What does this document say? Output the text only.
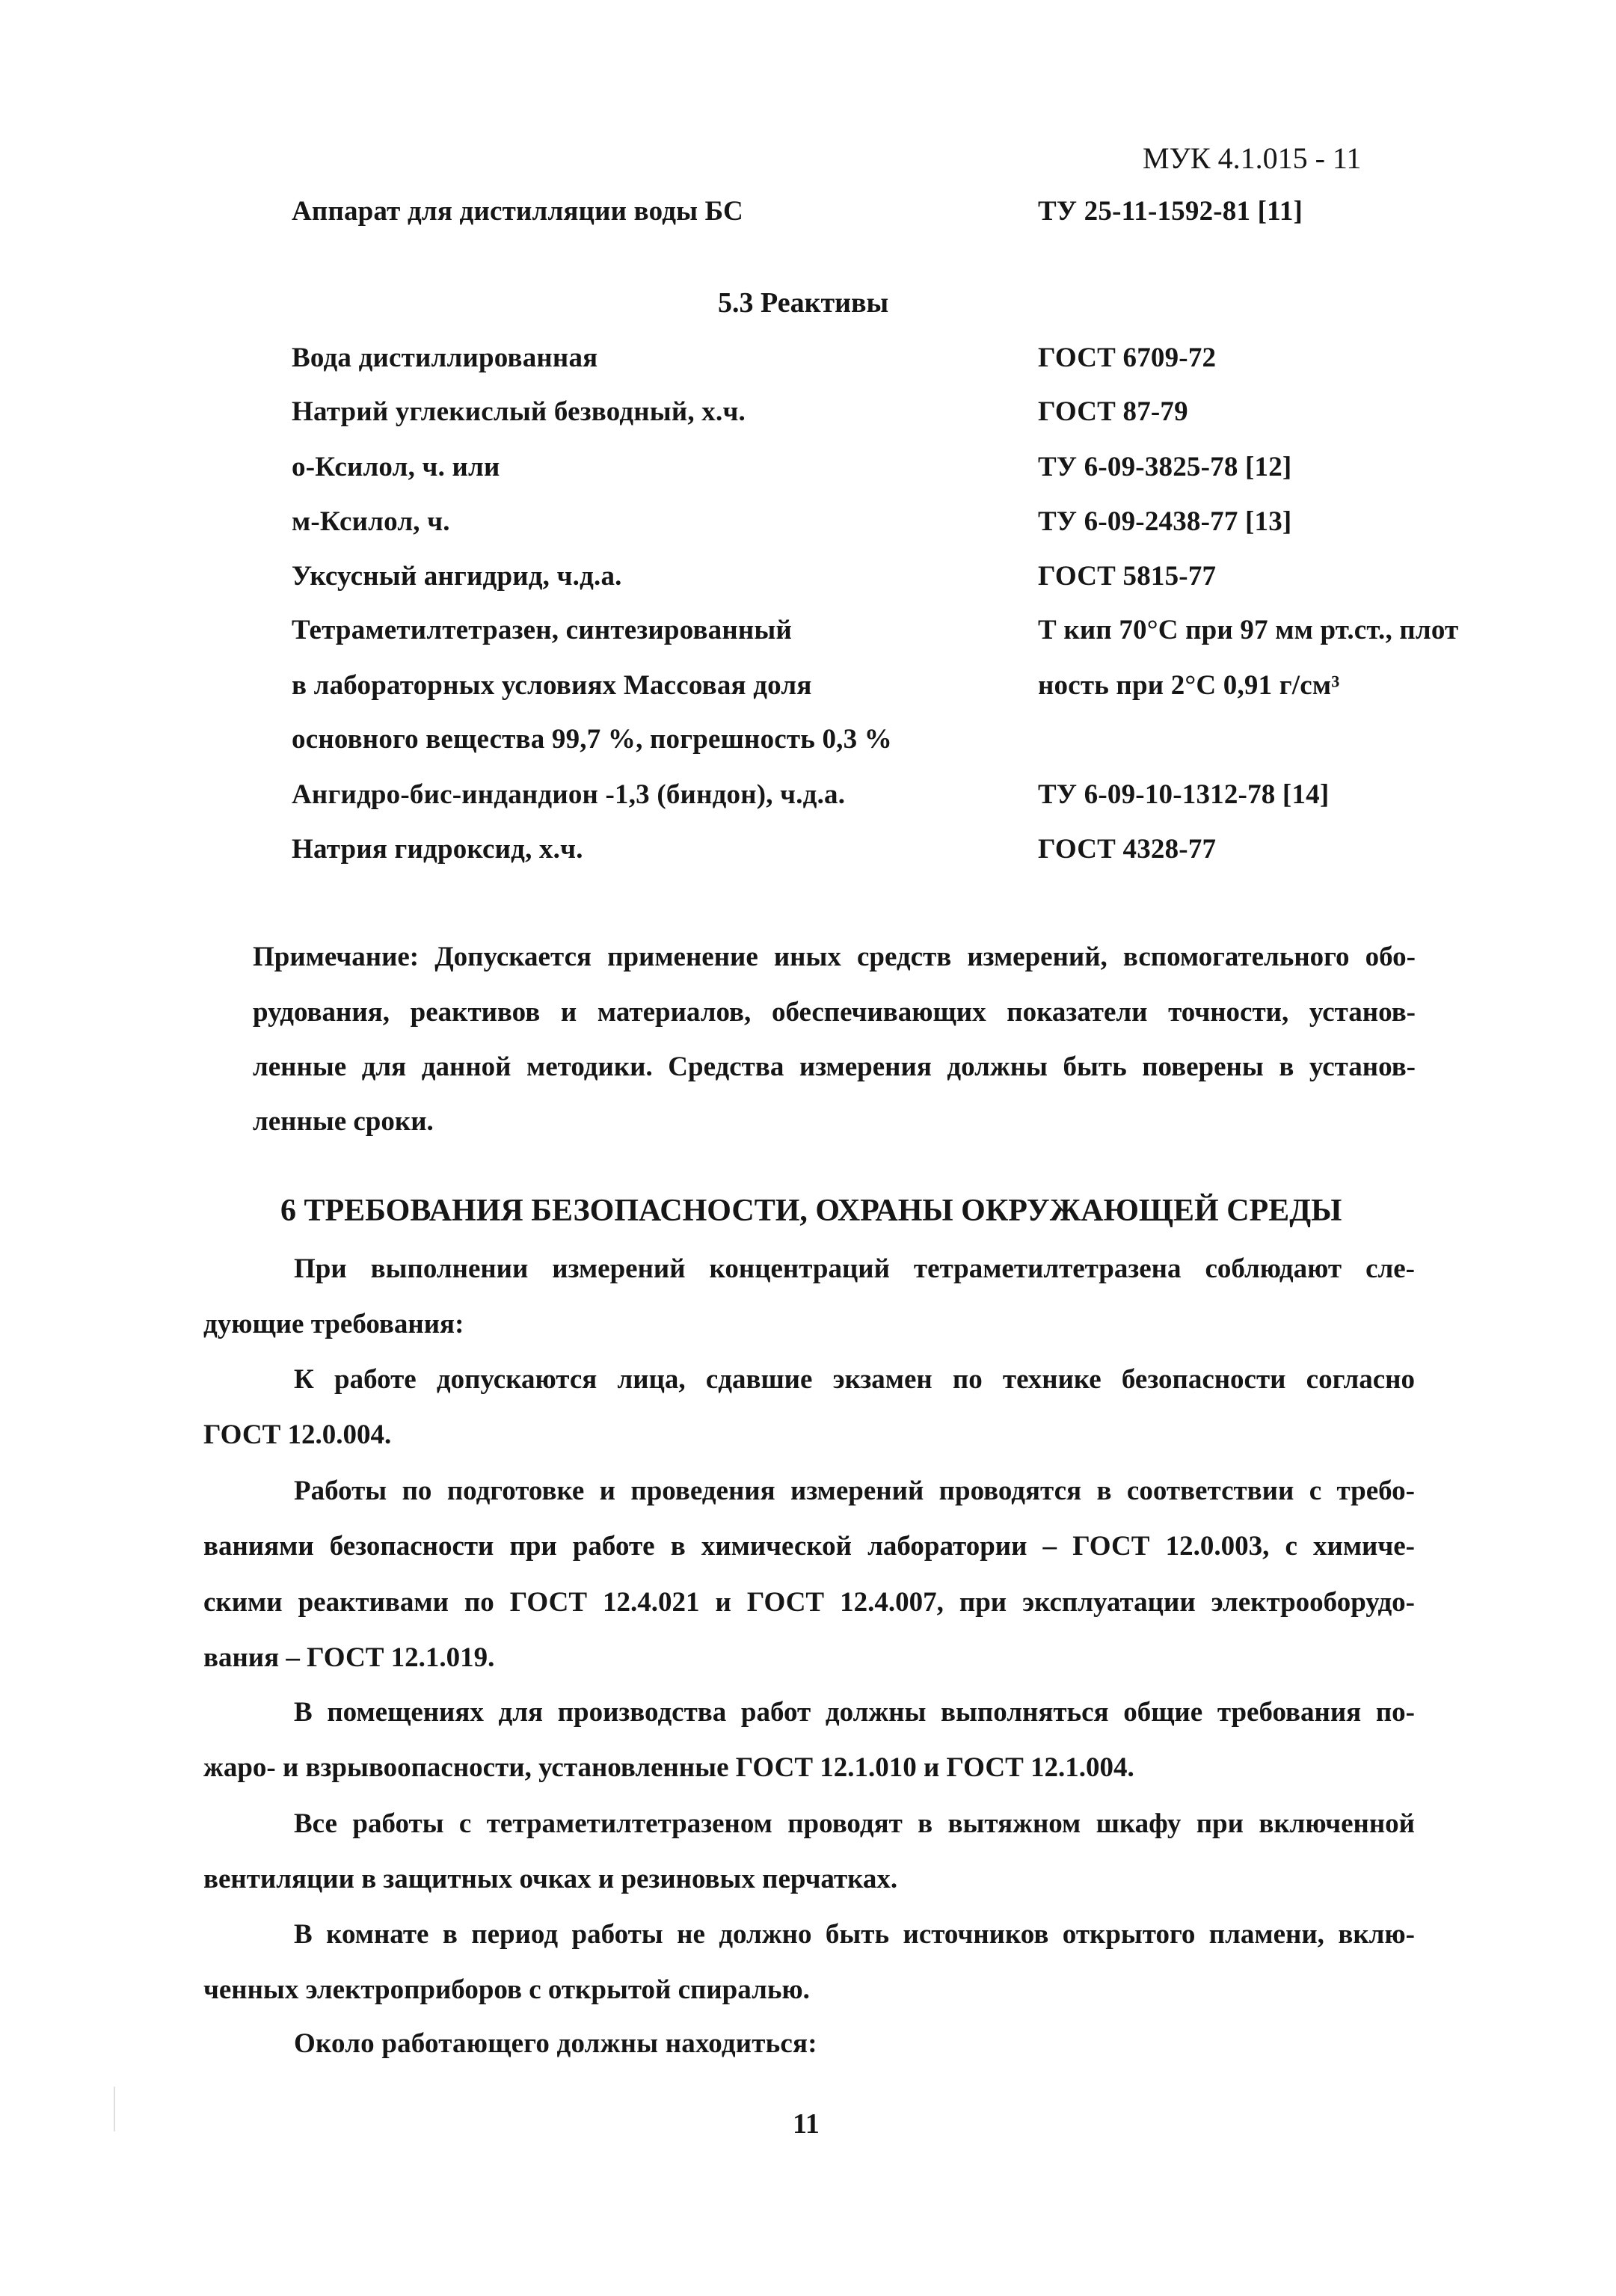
МУК 4.1.015 - 11
Аппарат для дистилляции воды БС	ТУ 25-11-1592-81 [11]
5.3 Реактивы
Вода дистиллированная	ГОСТ 6709-72
Натрий углекислый безводный, х.ч.	ГОСТ 87-79
о-Ксилол, ч. или	ТУ 6-09-3825-78 [12]
м-Ксилол, ч.	ТУ 6-09-2438-77 [13]
Уксусный ангидрид, ч.д.а.	ГОСТ 5815-77
Тетраметилтетразен, синтезированный	Т кип 70°С при 97 мм рт.ст., плот
в лабораторных условиях Массовая доля	ность при 2°С 0,91 г/см³
основного вещества 99,7 %, погрешность 0,3 %
Ангидро-бис-индандион -1,3 (биндон), ч.д.а.	ТУ 6-09-10-1312-78 [14]
Натрия гидроксид, х.ч.	ГОСТ 4328-77
Примечание: Допускается применение иных средств измерений, вспомогательного обо-
рудования, реактивов и материалов, обеспечивающих показатели точности, установ-
ленные для данной методики. Средства измерения должны быть поверены в установ-
ленные сроки.
6 ТРЕБОВАНИЯ БЕЗОПАСНОСТИ, ОХРАНЫ ОКРУЖАЮЩЕЙ СРЕДЫ
При выполнении измерений концентраций тетраметилтетразена соблюдают сле-
дующие требования:
К работе допускаются лица, сдавшие экзамен по технике безопасности согласно
ГОСТ 12.0.004.
Работы по подготовке и проведения измерений проводятся в соответствии с требо-
ваниями безопасности при работе в химической лаборатории – ГОСТ 12.0.003, с химиче-
скими реактивами по ГОСТ 12.4.021 и ГОСТ 12.4.007, при эксплуатации электрооборудо-
вания – ГОСТ 12.1.019.
В помещениях для производства работ должны выполняться общие требования по-
жаро- и взрывоопасности, установленные ГОСТ 12.1.010 и ГОСТ 12.1.004.
Все работы с тетраметилтетразеном проводят в вытяжном шкафу при включенной
вентиляции в защитных очках и резиновых перчатках.
В комнате в период работы не должно быть источников открытого пламени, вклю-
ченных электроприборов с открытой спиралью.
Около работающего должны находиться:
11
